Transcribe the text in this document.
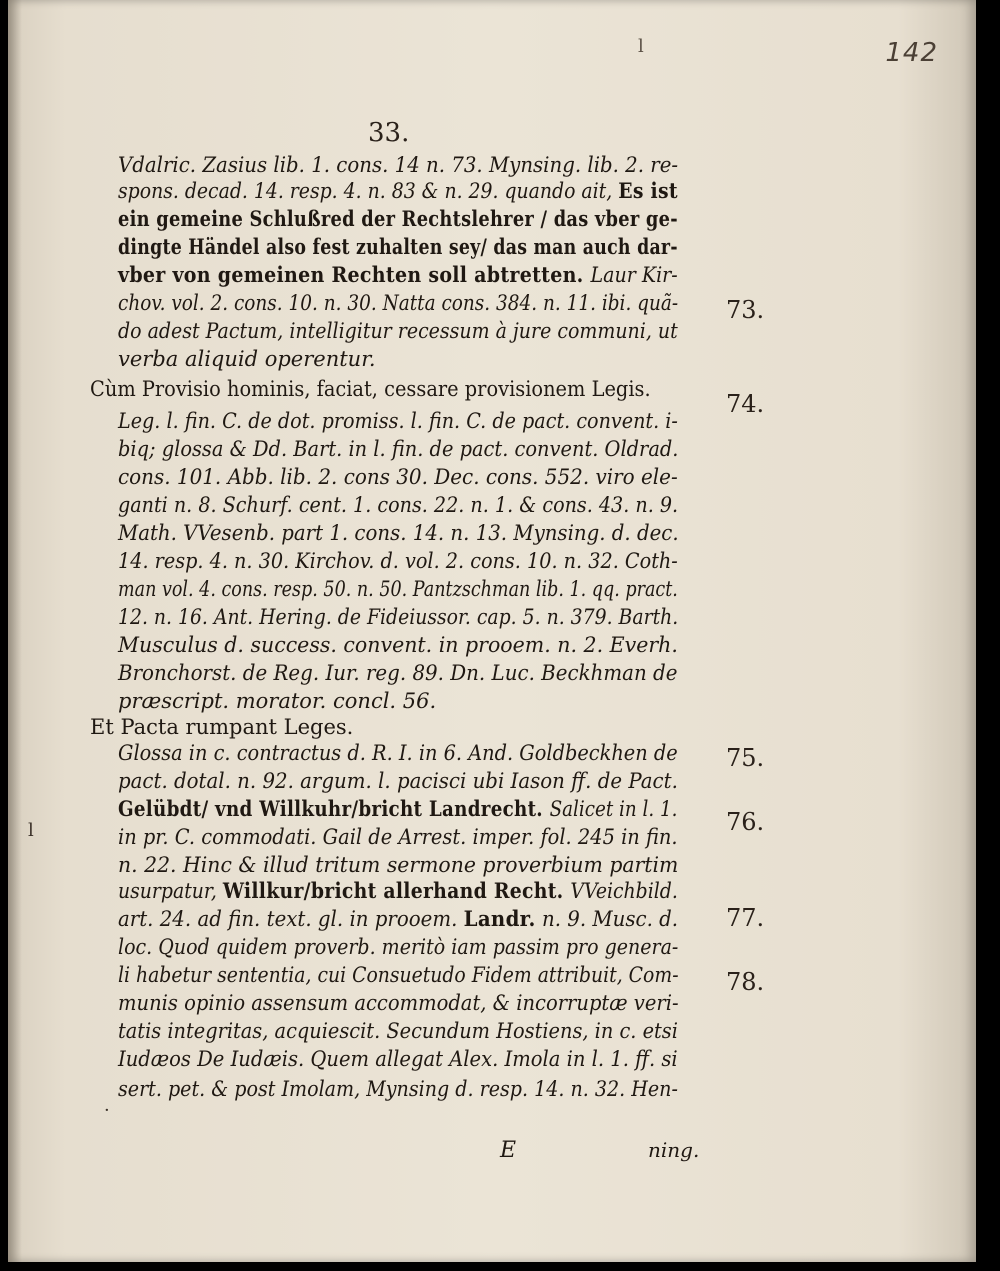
ⅼ	142
33.
Vdalric. Zasius lib. 1. cons. 14 n. 73. Mynsing. lib. 2. re-
spons. decad. 14. resp. 4. n. 83 & n. 29. quando ait, Es ist
ein gemeine Schlußred der Rechtslehrer / das vber ge-
dingte Händel also fest zuhalten sey/ das man auch dar-
vber von gemeinen Rechten soll abtretten. Laur Kir-
chov. vol. 2. cons. 10. n. 30. Natta cons. 384. n. 11. ibi. quã-
do adest Pactum, intelligitur recessum à jure communi, ut
verba aliquid operentur.
Cùm Provisio hominis, faciat, cessare provisionem Legis.
Leg. l. fin. C. de dot. promiss. l. fin. C. de pact. convent. i-
biq; glossa & Dd. Bart. in l. fin. de pact. convent. Oldrad.
cons. 101. Abb. lib. 2. cons 30. Dec. cons. 552. viro ele-
ganti n. 8. Schurf. cent. 1. cons. 22. n. 1. & cons. 43. n. 9.
Math. VVesenb. part 1. cons. 14. n. 13. Mynsing. d. dec.
14. resp. 4. n. 30. Kirchov. d. vol. 2. cons. 10. n. 32. Coth-
man vol. 4. cons. resp. 50. n. 50. Pantzschman lib. 1. qq. pract.
12. n. 16. Ant. Hering. de Fideiussor. cap. 5. n. 379. Barth.
Musculus d. success. convent. in prooem. n. 2. Everh.
Bronchorst. de Reg. Iur. reg. 89. Dn. Luc. Beckhman de
præscript. morator. concl. 56.
Et Pacta rumpant Leges.
Glossa in c. contractus d. R. I. in 6. And. Goldbeckhen de
pact. dotal. n. 92. argum. l. pacisci ubi Iason ff. de Pact.
Gelübdt/ vnd Willkuhr/bricht Landrecht. Salicet in l. 1.
in pr. C. commodati. Gail de Arrest. imper. fol. 245 in fin.
n. 22. Hinc & illud tritum sermone proverbium partim
usurpatur, Willkur/bricht allerhand Recht. VVeichbild.
art. 24. ad fin. text. gl. in prooem. Landr. n. 9. Musc. d.
loc. Quod quidem proverb. meritò iam passim pro genera-
li habetur sententia, cui Consuetudo Fidem attribuit, Com-
munis opinio assensum accommodat, & incorruptæ veri-
tatis integritas, acquiescit. Secundum Hostiens, in c. etsi
Iudæos De Iudæis. Quem allegat Alex. Imola in l. 1. ff. si
sert. pet. & post Imolam, Mynsing d. resp. 14. n. 32. Hen-
73.
74.
75.
76.
77.
78.
ⅼ
·
E	ning.
